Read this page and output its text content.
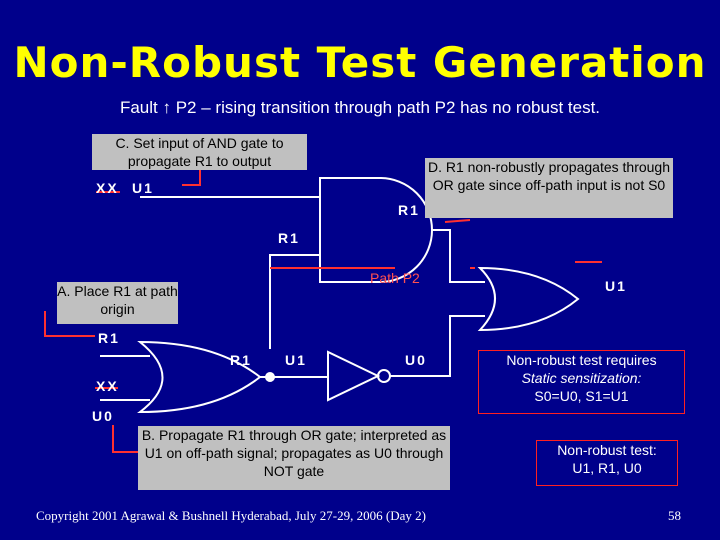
Non-Robust Test Generation
Fault ↑ P2 – rising transition through path P2 has no robust test.
C. Set input of AND gate to propagate R1 to output	D. R1 non-robustly propagates through OR gate since off-path input is not S0
A. Place R1 at path origin
B. Propagate R1 through OR gate; interpreted as U1 on off-path signal; propagates as U0 through NOT gate
Non-robust test requires
Static sensitization:
S0=U0, S1=U1
Non-robust test:
U1, R1, U0
XX U1
R1
R1
Path P2	U1
R1
XX
U0
R1 U1	U0
Copyright 2001 Agrawal & Bushnell Hyderabad, July 27-29, 2006 (Day 2)	58
